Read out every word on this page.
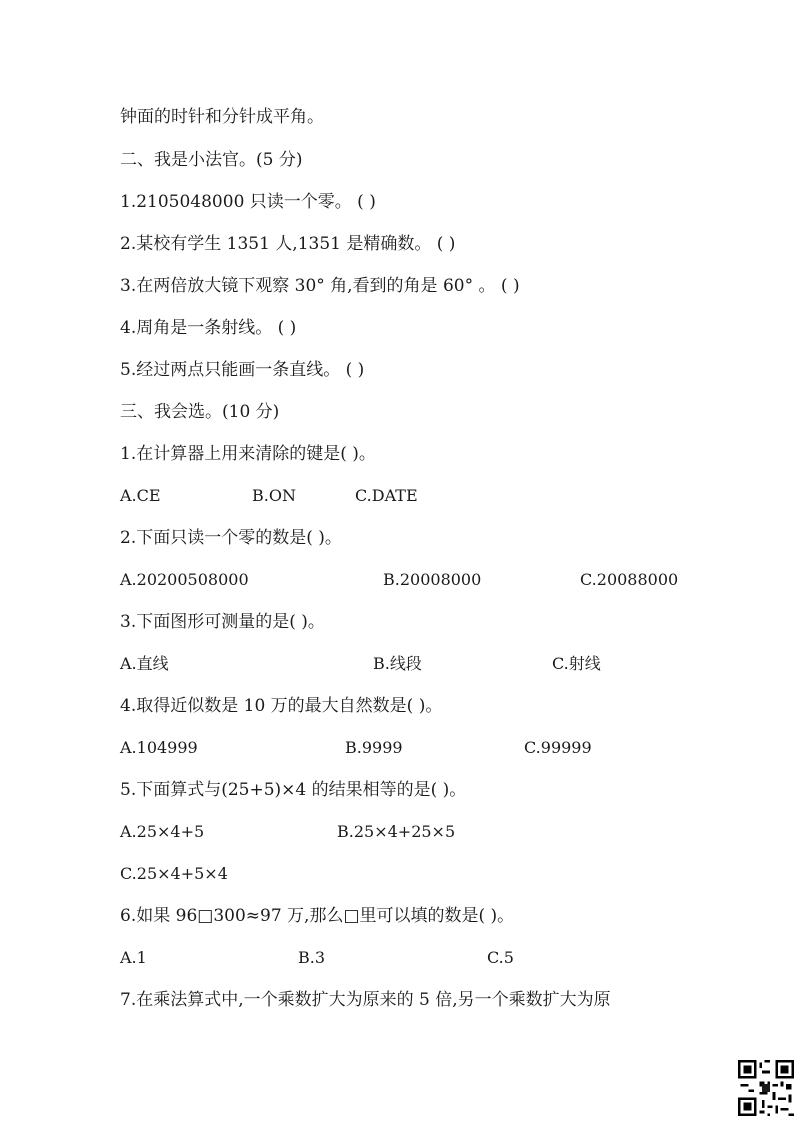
钟面的时针和分针成平角。
二、我是小法官。(5 分)
1.2105048000 只读一个零。 ( )
2.某校有学生 1351 人,1351 是精确数。 ( )
3.在两倍放大镜下观察 30° 角,看到的角是 60° 。 ( )
4.周角是一条射线。 ( )
5.经过两点只能画一条直线。 ( )
三、我会选。(10 分)
1.在计算器上用来清除的键是( )。
A.CE	B.ON	C.DATE
2.下面只读一个零的数是( )。
A.20200508000	B.20008000	C.20088000
3.下面图形可测量的是( )。
A.直线	B.线段	C.射线
4.取得近似数是 10 万的最大自然数是( )。
A.104999	B.9999	C.99999
5.下面算式与(25+5)×4 的结果相等的是( )。
A.25×4+5	B.25×4+25×5
C.25×4+5×4
6.如果 96□300≈97 万,那么□里可以填的数是( )。
A.1	B.3	C.5
7.在乘法算式中,一个乘数扩大为原来的 5 倍,另一个乘数扩大为原
